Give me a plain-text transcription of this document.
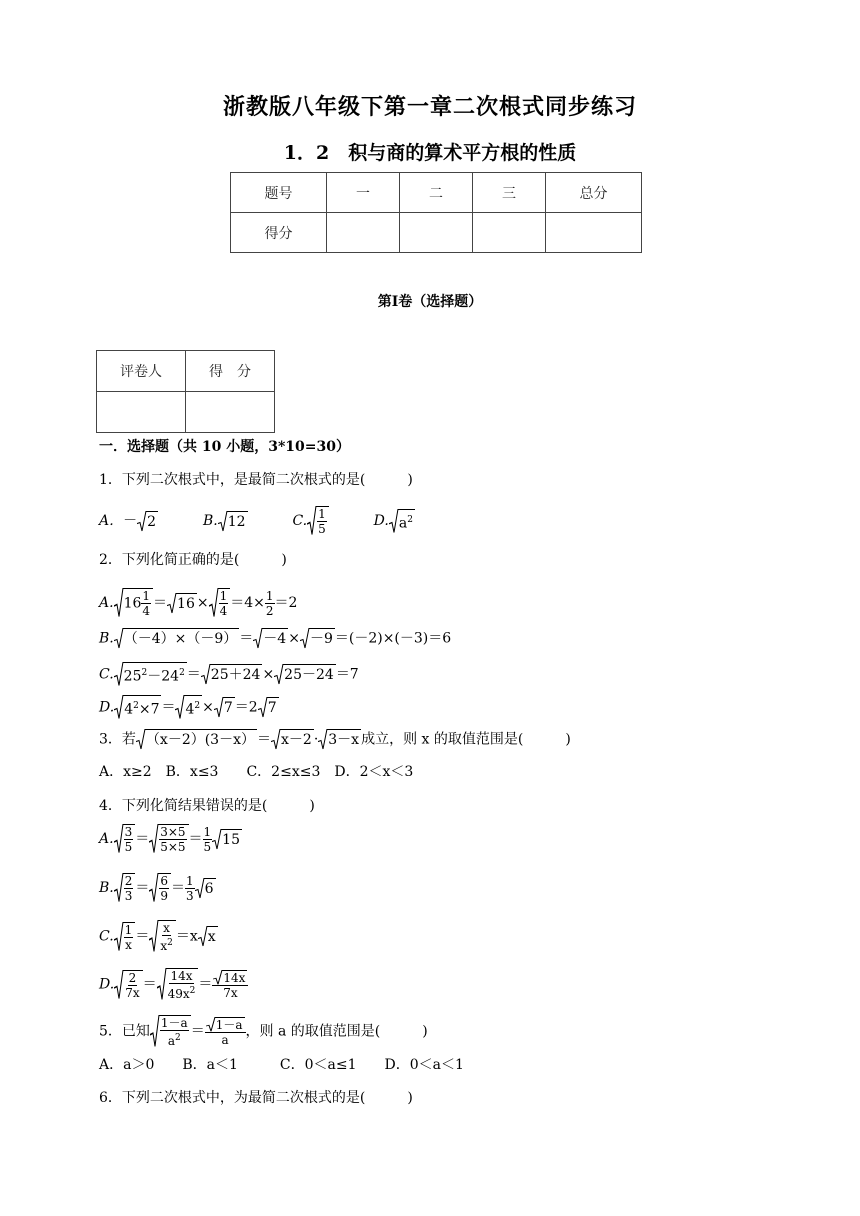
浙教版八年级下第一章二次根式同步练习
1．2　积与商的算术平方根的性质
题号	一	二	三	总分
得分				
第Ⅰ卷（选择题）
评卷人	得　分

一．选择题（共 10 小题，3*10=30）
1．下列二次根式中，是最简二次根式的是(　　　)
A．－ 2	B. 12	C. $\frac{1}{5}$	D. $a^2$
2．下列化简正确的是(　　　)
A. $16 \frac{1}{4} = 16 \times \frac{1}{4} =4\times \frac{1}{2} =2$
B. （－4）×（－9） ＝ －4 × －9 ＝(－2)×(－3)＝6
C. $25^2-24^2 = 25+24 \times 25-24 =7$
D. $4^2\times 7 = 4^2 \times 7 =2$ 7
3．若 （x－2）(3－x） ＝ x－2 · 3－x 成立，则 x 的取值范围是(　　　)
A．x≥2　B．x≤3　　C．2≤x≤3　D．2＜x＜3
4．下列化简结果错误的是(　　　)
A. $\frac{3}{5} = \frac{3\times 5}{5\times 5} = \frac{1}{5} 15$
B. $\frac{2}{3} = \frac{6}{9} = \frac{1}{3} 6$
C. $\frac{1}{x} = \frac{x}{x^2} =x$ x
D. $\frac{2}{7x} = \frac{14x}{49x^2} = \frac{14x}{7x}$
5．已知 $\frac{1-a}{a^2} = \frac{1-a}{a}$ ，则 a 的取值范围是(　　　)
A．a＞0　　B．a＜1　　　C．0＜a≤1　　D．0＜a＜1
6．下列二次根式中，为最简二次根式的是(　　　)
